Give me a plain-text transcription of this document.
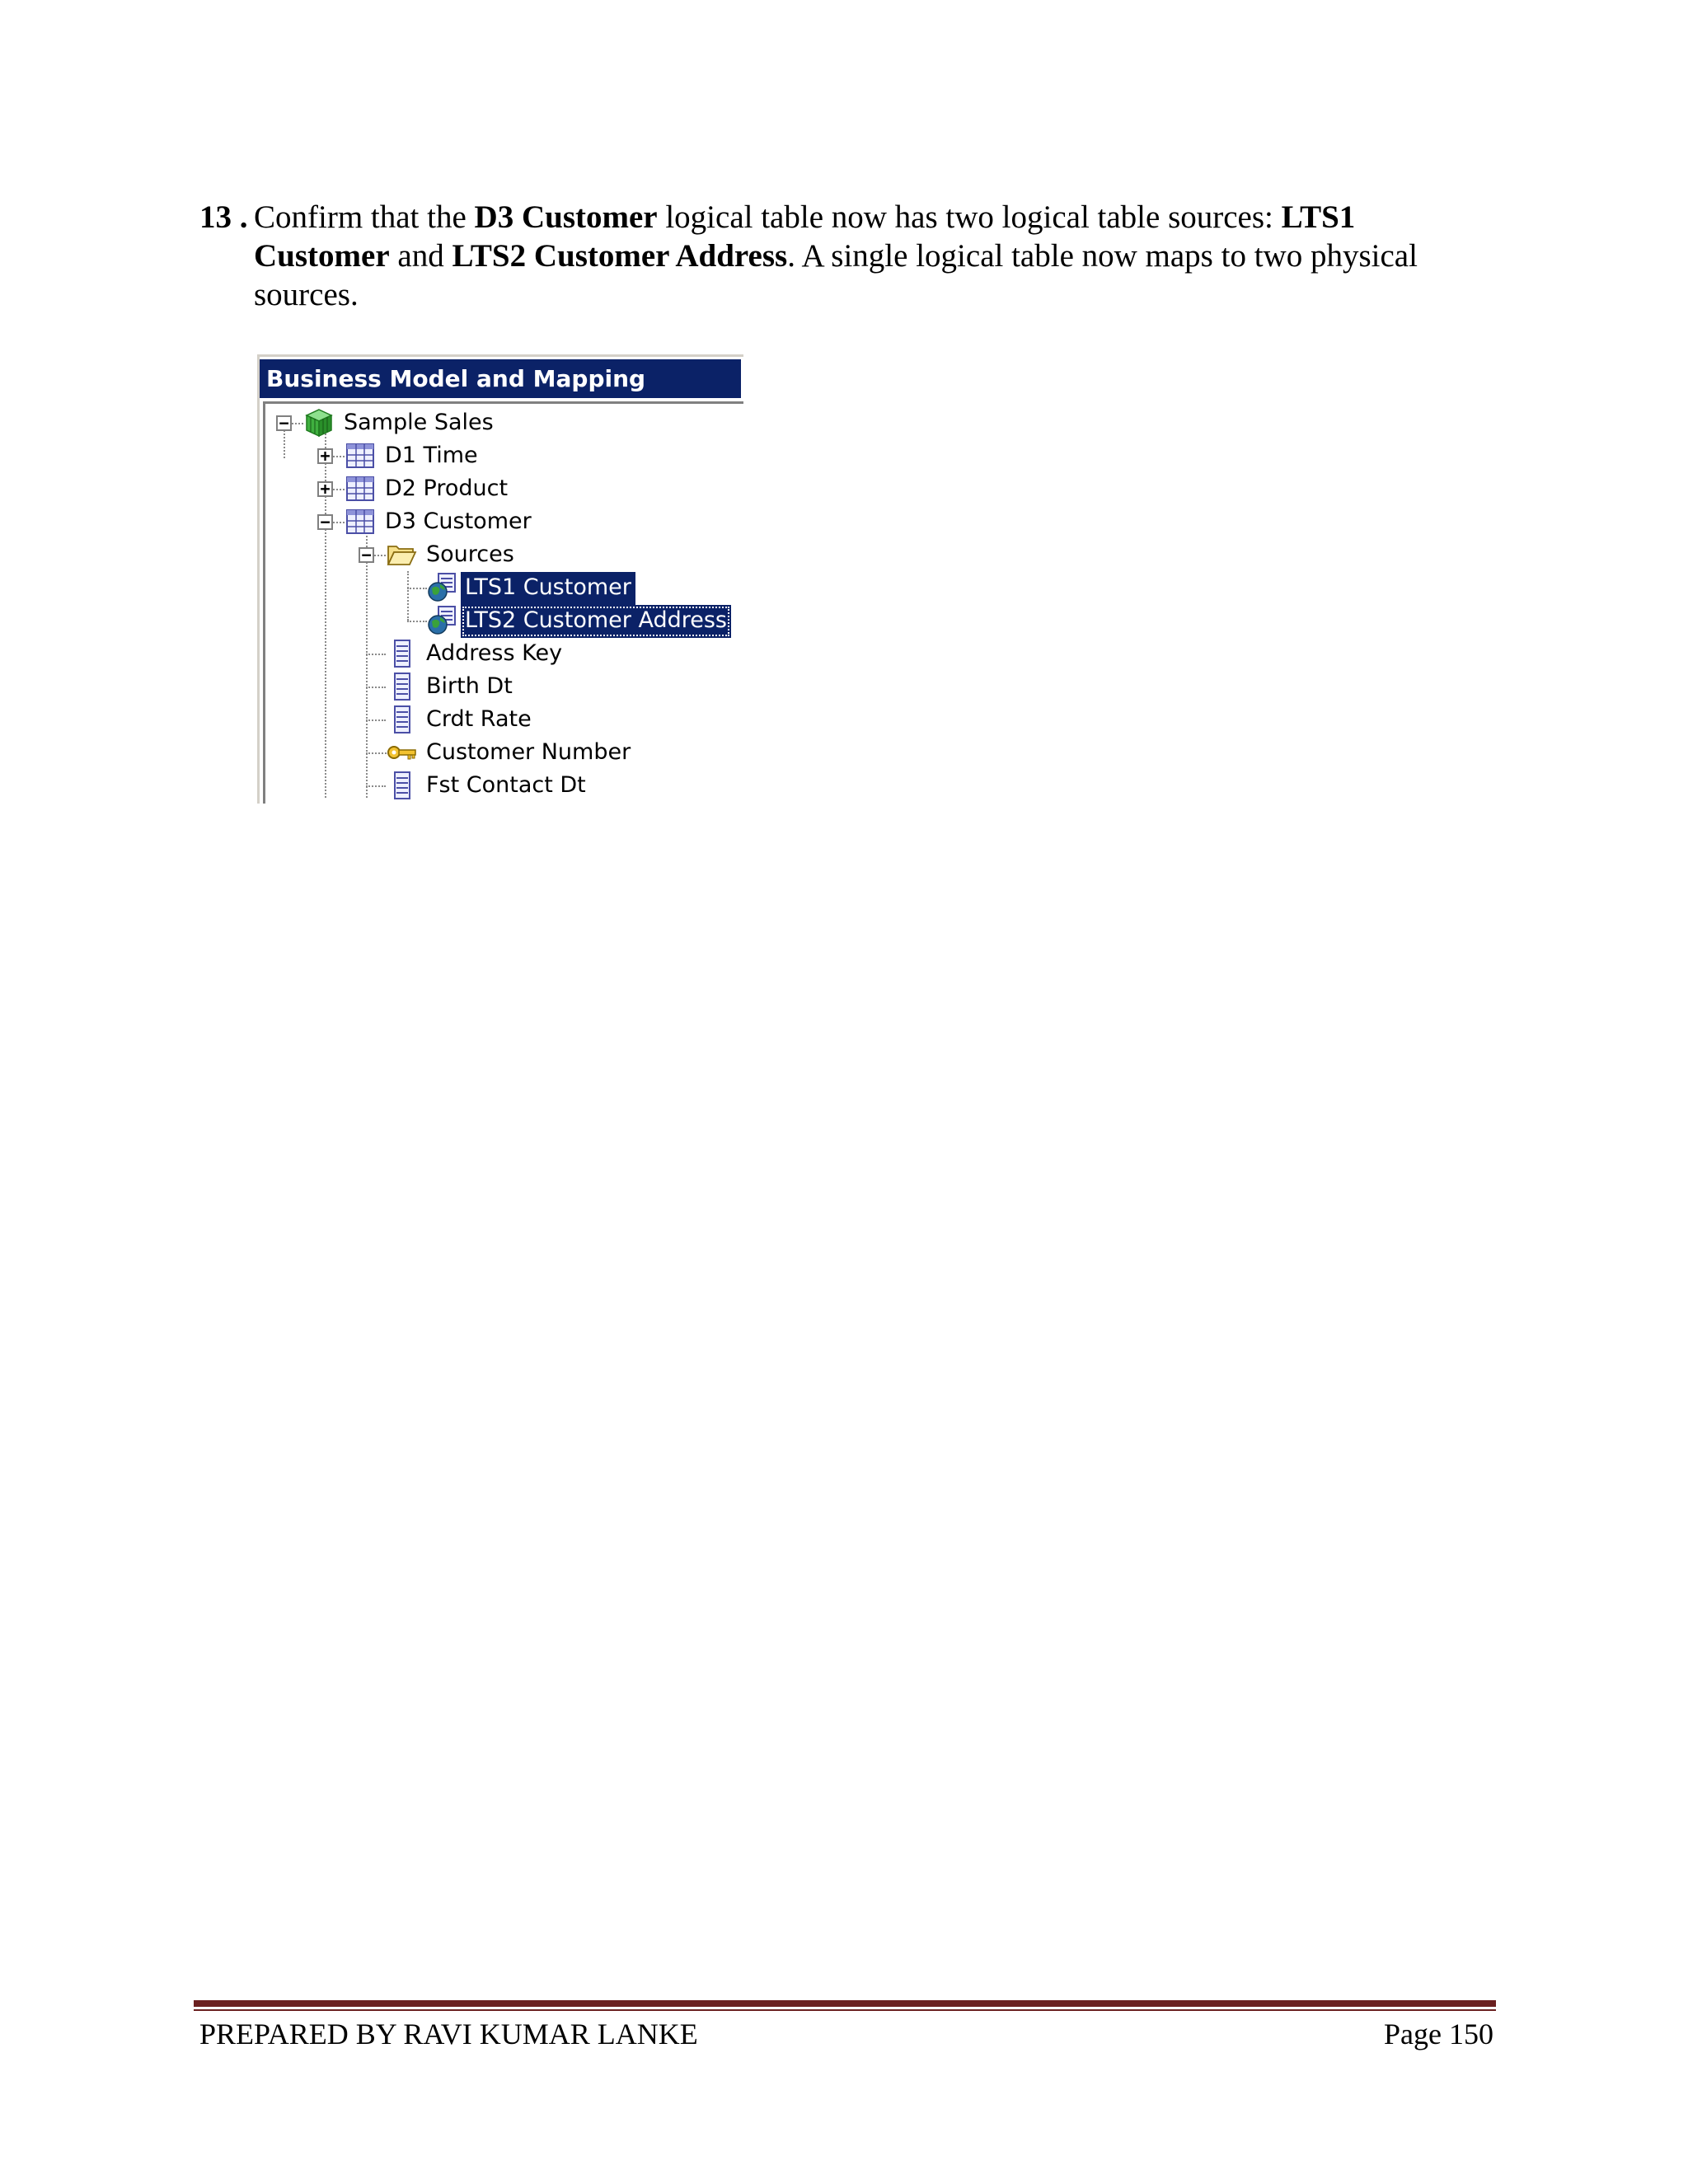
13 . Confirm that the D3 Customer logical table now has two logical table sources: LTS1 Customer and LTS2 Customer Address. A single logical table now maps to two physical sources.
Business Model and Mapping
− Sample Sales
+ D1 Time
+ D2 Product
− D3 Customer
− Sources
LTS1 Customer
LTS2 Customer Address
Address Key
Birth Dt
Crdt Rate
Customer Number
Fst Contact Dt
PREPARED BY RAVI KUMAR LANKE	Page 150
